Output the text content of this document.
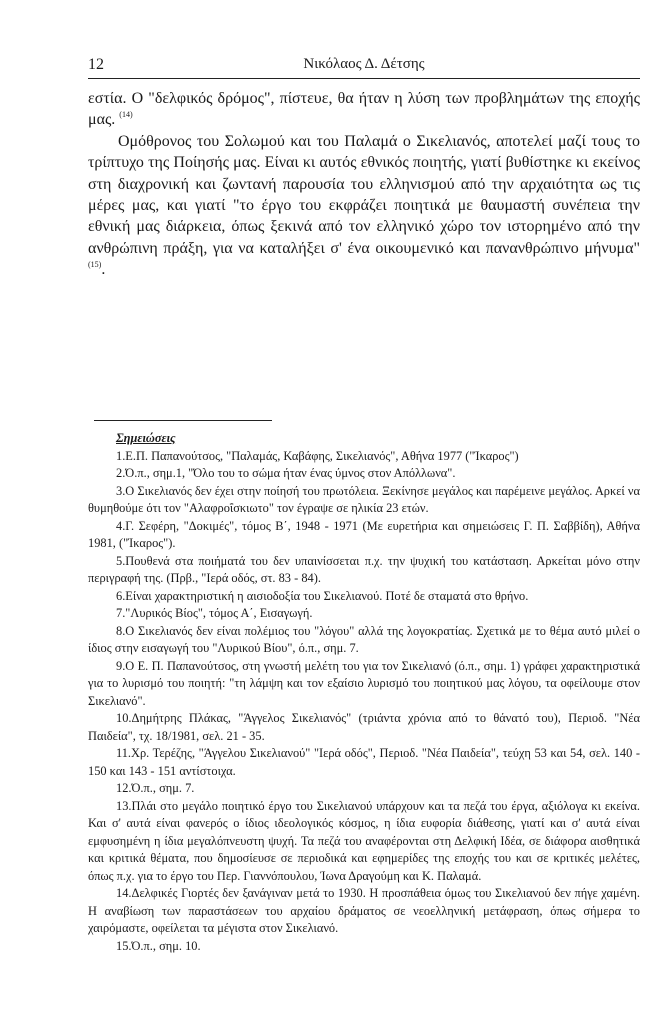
12	Νικόλαος Δ. Δέτσης

εστία. Ο "δελφικός δρόμος", πίστευε, θα ήταν η λύση των προβλημάτων της εποχής μας. $^{(14)}$

Ομόθρονος του Σολωμού και του Παλαμά ο Σικελιανός, αποτελεί μαζί τους το τρίπτυχο της Ποίησής μας. Είναι κι αυτός εθνικός ποιητής, γιατί βυθίστηκε κι εκείνος στη διαχρονική και ζωντανή παρουσία του ελληνισμού από την αρχαιότητα ως τις μέρες μας, και γιατί "το έργο του εκφράζει ποιητικά με θαυμαστή συνέπεια την εθνική μας διάρκεια, όπως ξεκινά από τον ελληνικό χώρο τον ιστορημένο από την ανθρώπινη πράξη, για να καταλήξει σ' ένα οικουμενικό και πανανθρώπινο μήνυμα"$^{(15)}$.

Σημειώσεις

1.Ε.Π. Παπανούτσος, "Παλαμάς, Καβάφης, Σικελιανός", Αθήνα 1977 ("Ίκαρος")

2.Ό.π., σημ.1, "Όλο του το σώμα ήταν ένας ύμνος στον Απόλλωνα".

3.Ο Σικελιανός δεν έχει στην ποίησή του πρωτόλεια. Ξεκίνησε μεγάλος και παρέμεινε μεγάλος. Αρκεί να θυμηθούμε ότι τον "Αλαφροΐσκιωτο" τον έγραψε σε ηλικία 23 ετών.

4.Γ. Σεφέρη, "Δοκιμές", τόμος Β΄, 1948 - 1971 (Με ευρετήρια και σημειώσεις Γ. Π. Σαββίδη), Αθήνα 1981, ("Ίκαρος").

5.Πουθενά στα ποιήματά του δεν υπαινίσσεται π.χ. την ψυχική του κατάσταση. Αρκείται μόνο στην περιγραφή της. (Πρβ., "Ιερά οδός, στ. 83 - 84).

6.Είναι χαρακτηριστική η αισιοδοξία του Σικελιανού. Ποτέ δε σταματά στο θρήνο.

7."Λυρικός Βίος", τόμος Α΄, Εισαγωγή.

8.Ο Σικελιανός δεν είναι πολέμιος του "λόγου" αλλά της λογοκρατίας. Σχετικά με το θέμα αυτό μιλεί ο ίδιος στην εισαγωγή του "Λυρικού Βίου", ό.π., σημ. 7.

9.Ο Ε. Π. Παπανούτσος, στη γνωστή μελέτη του για τον Σικελιανό (ό.π., σημ. 1) γράφει χαρακτηριστικά για το λυρισμό του ποιητή: "τη λάμψη και τον εξαίσιο λυρισμό του ποιητικού μας λόγου, τα οφείλουμε στον Σικελιανό".

10.Δημήτρης Πλάκας, "Άγγελος Σικελιανός" (τριάντα χρόνια από το θάνατό του), Περιοδ. "Νέα Παιδεία", τχ. 18/1981, σελ. 21 - 35.

11.Χρ. Τερέζης, "Άγγελου Σικελιανού" "Ιερά οδός", Περιοδ. "Νέα Παιδεία", τεύχη 53 και 54, σελ. 140 - 150 και 143 - 151 αντίστοιχα.

12.Ό.π., σημ. 7.

13.Πλάι στο μεγάλο ποιητικό έργο του Σικελιανού υπάρχουν και τα πεζά του έργα, αξιόλογα κι εκείνα. Και σ' αυτά είναι φανερός ο ίδιος ιδεολογικός κόσμος, η ίδια ευφορία διάθεσης, γιατί και σ' αυτά είναι εμφυσημένη η ίδια μεγαλόπνευστη ψυχή. Τα πεζά του αναφέρονται στη Δελφική Ιδέα, σε διάφορα αισθητικά και κριτικά θέματα, που δημοσίευσε σε περιοδικά και εφημερίδες της εποχής του και σε κριτικές μελέτες, όπως π.χ. για το έργο του Περ. Γιαννόπουλου, Ίωνα Δραγούμη και Κ. Παλαμά.

14.Δελφικές Γιορτές δεν ξανάγιναν μετά το 1930. Η προσπάθεια όμως του Σικελιανού δεν πήγε χαμένη. Η αναβίωση των παραστάσεων του αρχαίου δράματος σε νεοελληνική μετάφραση, όπως σήμερα το χαιρόμαστε, οφείλεται τα μέγιστα στον Σικελιανό.

15.Ό.π., σημ. 10.
